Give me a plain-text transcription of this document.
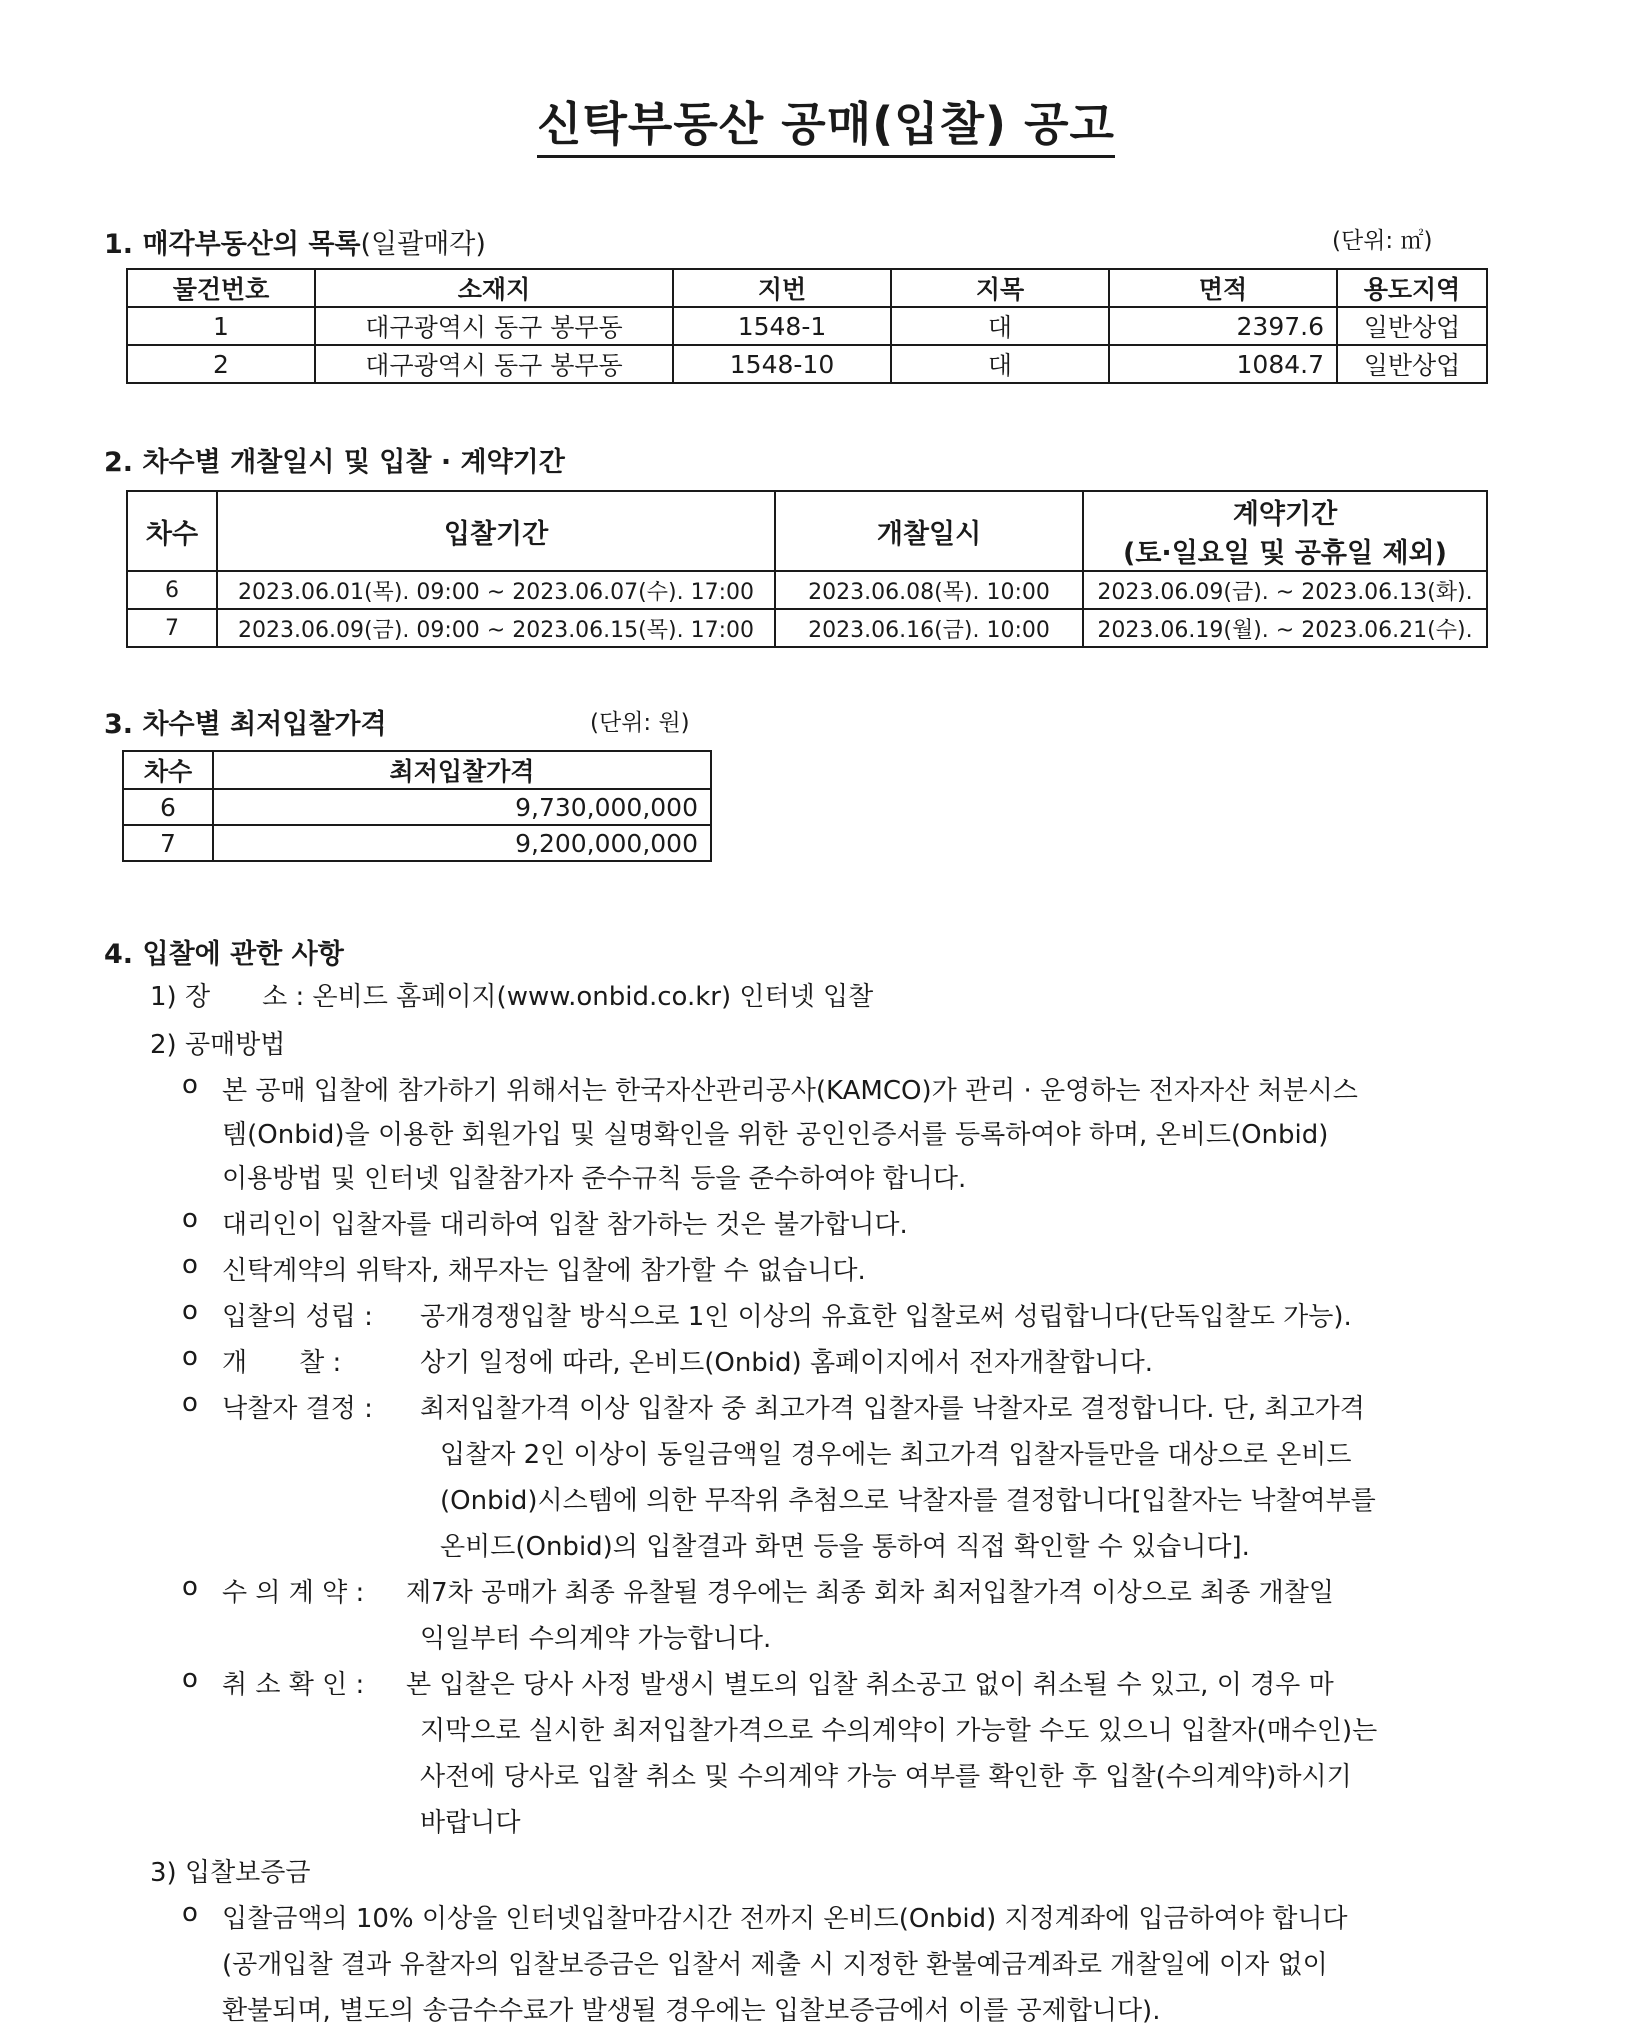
신탁부동산 공매(입찰) 공고
1. 매각부동산의 목록(일괄매각)	(단위: ㎡)
물건번호	소재지	지번	지목	면적	용도지역
1	대구광역시 동구 봉무동	1548-1	대	2397.6	일반상업
2	대구광역시 동구 봉무동	1548-10	대	1084.7	일반상업
2. 차수별 개찰일시 및 입찰 · 계약기간
차수	입찰기간	개찰일시	계약기간
(토·일요일 및 공휴일 제외)

6	2023.06.01(목). 09:00 ~ 2023.06.07(수). 17:00	2023.06.08(목). 10:00	2023.06.09(금). ~ 2023.06.13(화).
7	2023.06.09(금). 09:00 ~ 2023.06.15(목). 17:00	2023.06.16(금). 10:00	2023.06.19(월). ~ 2023.06.21(수).
3. 차수별 최저입찰가격	(단위: 원)
차수	최저입찰가격
6	9,730,000,000
7	9,200,000,000
4. 입찰에 관한 사항
1) 장　　소 : 온비드 홈페이지(www.onbid.co.kr) 인터넷 입찰
2) 공매방법
o 본 공매 입찰에 참가하기 위해서는 한국자산관리공사(KAMCO)가 관리 · 운영하는 전자자산 처분시스
템(Onbid)을 이용한 회원가입 및 실명확인을 위한 공인인증서를 등록하여야 하며, 온비드(Onbid)
이용방법 및 인터넷 입찰참가자 준수규칙 등을 준수하여야 합니다.
o 대리인이 입찰자를 대리하여 입찰 참가하는 것은 불가합니다.
o 신탁계약의 위탁자, 채무자는 입찰에 참가할 수 없습니다.
o 입찰의 성립 : 공개경쟁입찰 방식으로 1인 이상의 유효한 입찰로써 성립합니다(단독입찰도 가능).
o 개　　찰 :	상기 일정에 따라, 온비드(Onbid) 홈페이지에서 전자개찰합니다.
o 낙찰자 결정 : 최저입찰가격 이상 입찰자 중 최고가격 입찰자를 낙찰자로 결정합니다. 단, 최고가격
입찰자 2인 이상이 동일금액일 경우에는 최고가격 입찰자들만을 대상으로 온비드
(Onbid)시스템에 의한 무작위 추첨으로 낙찰자를 결정합니다[입찰자는 낙찰여부를
온비드(Onbid)의 입찰결과 화면 등을 통하여 직접 확인할 수 있습니다].
o 수 의 계 약 : 제7차 공매가 최종 유찰될 경우에는 최종 회차 최저입찰가격 이상으로 최종 개찰일
익일부터 수의계약 가능합니다.
o 취 소 확 인 : 본 입찰은 당사 사정 발생시 별도의 입찰 취소공고 없이 취소될 수 있고, 이 경우 마
지막으로 실시한 최저입찰가격으로 수의계약이 가능할 수도 있으니 입찰자(매수인)는
사전에 당사로 입찰 취소 및 수의계약 가능 여부를 확인한 후 입찰(수의계약)하시기
바랍니다
3) 입찰보증금
o 입찰금액의 10% 이상을 인터넷입찰마감시간 전까지 온비드(Onbid) 지정계좌에 입금하여야 합니다
(공개입찰 결과 유찰자의 입찰보증금은 입찰서 제출 시 지정한 환불예금계좌로 개찰일에 이자 없이
환불되며, 별도의 송금수수료가 발생될 경우에는 입찰보증금에서 이를 공제합니다).
